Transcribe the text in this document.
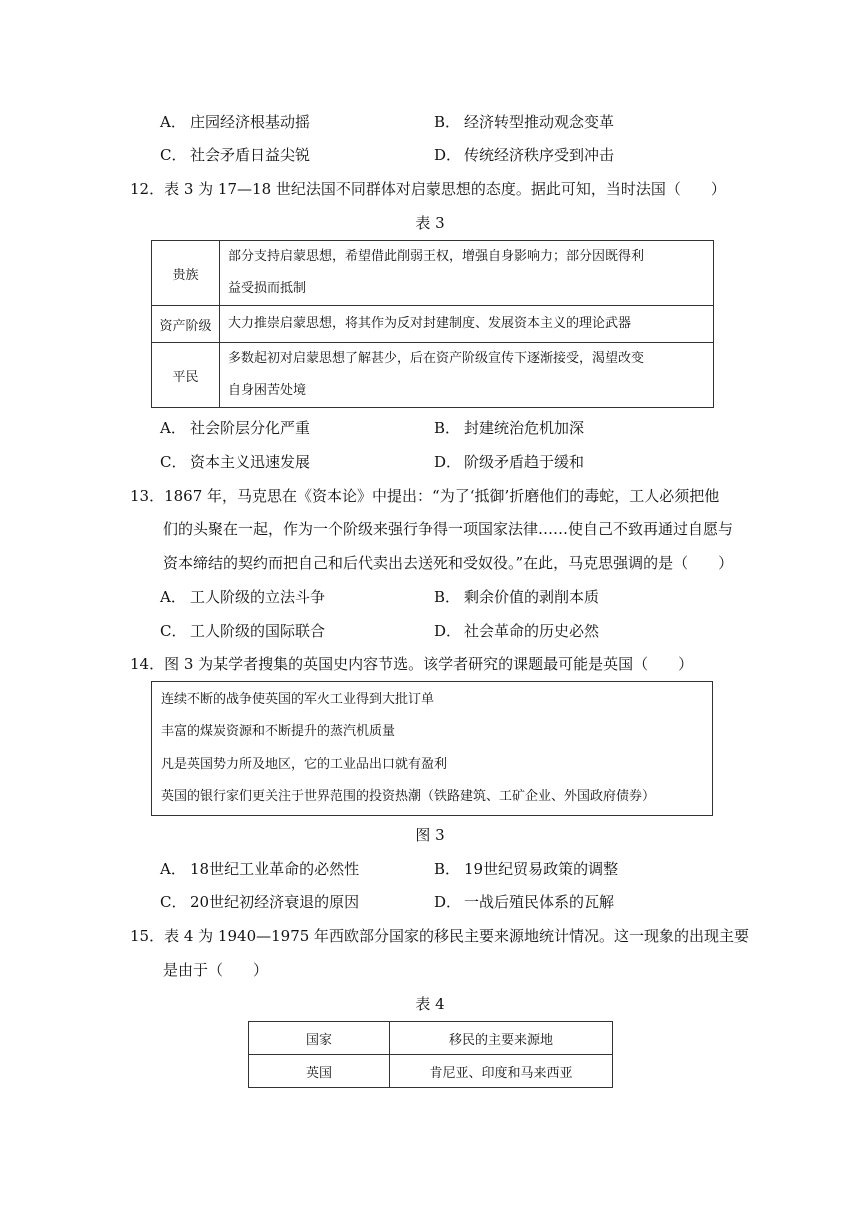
A． 庄园经济根基动摇	B． 经济转型推动观念变革
C． 社会矛盾日益尖锐	D． 传统经济秩序受到冲击
12．表 3 为 17—18 世纪法国不同群体对启蒙思想的态度。据此可知，当时法国（　　）
表 3
贵族	部分支持启蒙思想，希望借此削弱王权，增强自身影响力；部分因既得利
益受损而抵制

资产阶级	大力推崇启蒙思想，将其作为反对封建制度、发展资本主义的理论武器
平民	多数起初对启蒙思想了解甚少，后在资产阶级宣传下逐渐接受，渴望改变
自身困苦处境
A． 社会阶层分化严重	B． 封建统治危机加深
C． 资本主义迅速发展	D． 阶级矛盾趋于缓和
13．1867 年，马克思在《资本论》中提出：“为了‘抵御’折磨他们的毒蛇，工人必须把他
们的头聚在一起，作为一个阶级来强行争得一项国家法律……使自己不致再通过自愿与
资本缔结的契约而把自己和后代卖出去送死和受奴役。”在此，马克思强调的是（　　）
A． 工人阶级的立法斗争	B． 剩余价值的剥削本质
C． 工人阶级的国际联合	D． 社会革命的历史必然
14．图 3 为某学者搜集的英国史内容节选。该学者研究的课题最可能是英国（　　）
连续不断的战争使英国的军火工业得到大批订单
丰富的煤炭资源和不断提升的蒸汽机质量
凡是英国势力所及地区，它的工业品出口就有盈利
英国的银行家们更关注于世界范围的投资热潮（铁路建筑、工矿企业、外国政府债券）
图 3
A． 18世纪工业革命的必然性	B． 19世纪贸易政策的调整
C． 20世纪初经济衰退的原因	D． 一战后殖民体系的瓦解
15．表 4 为 1940—1975 年西欧部分国家的移民主要来源地统计情况。这一现象的出现主要
是由于（　　）
表 4
国家	移民的主要来源地
英国	肯尼亚、印度和马来西亚
